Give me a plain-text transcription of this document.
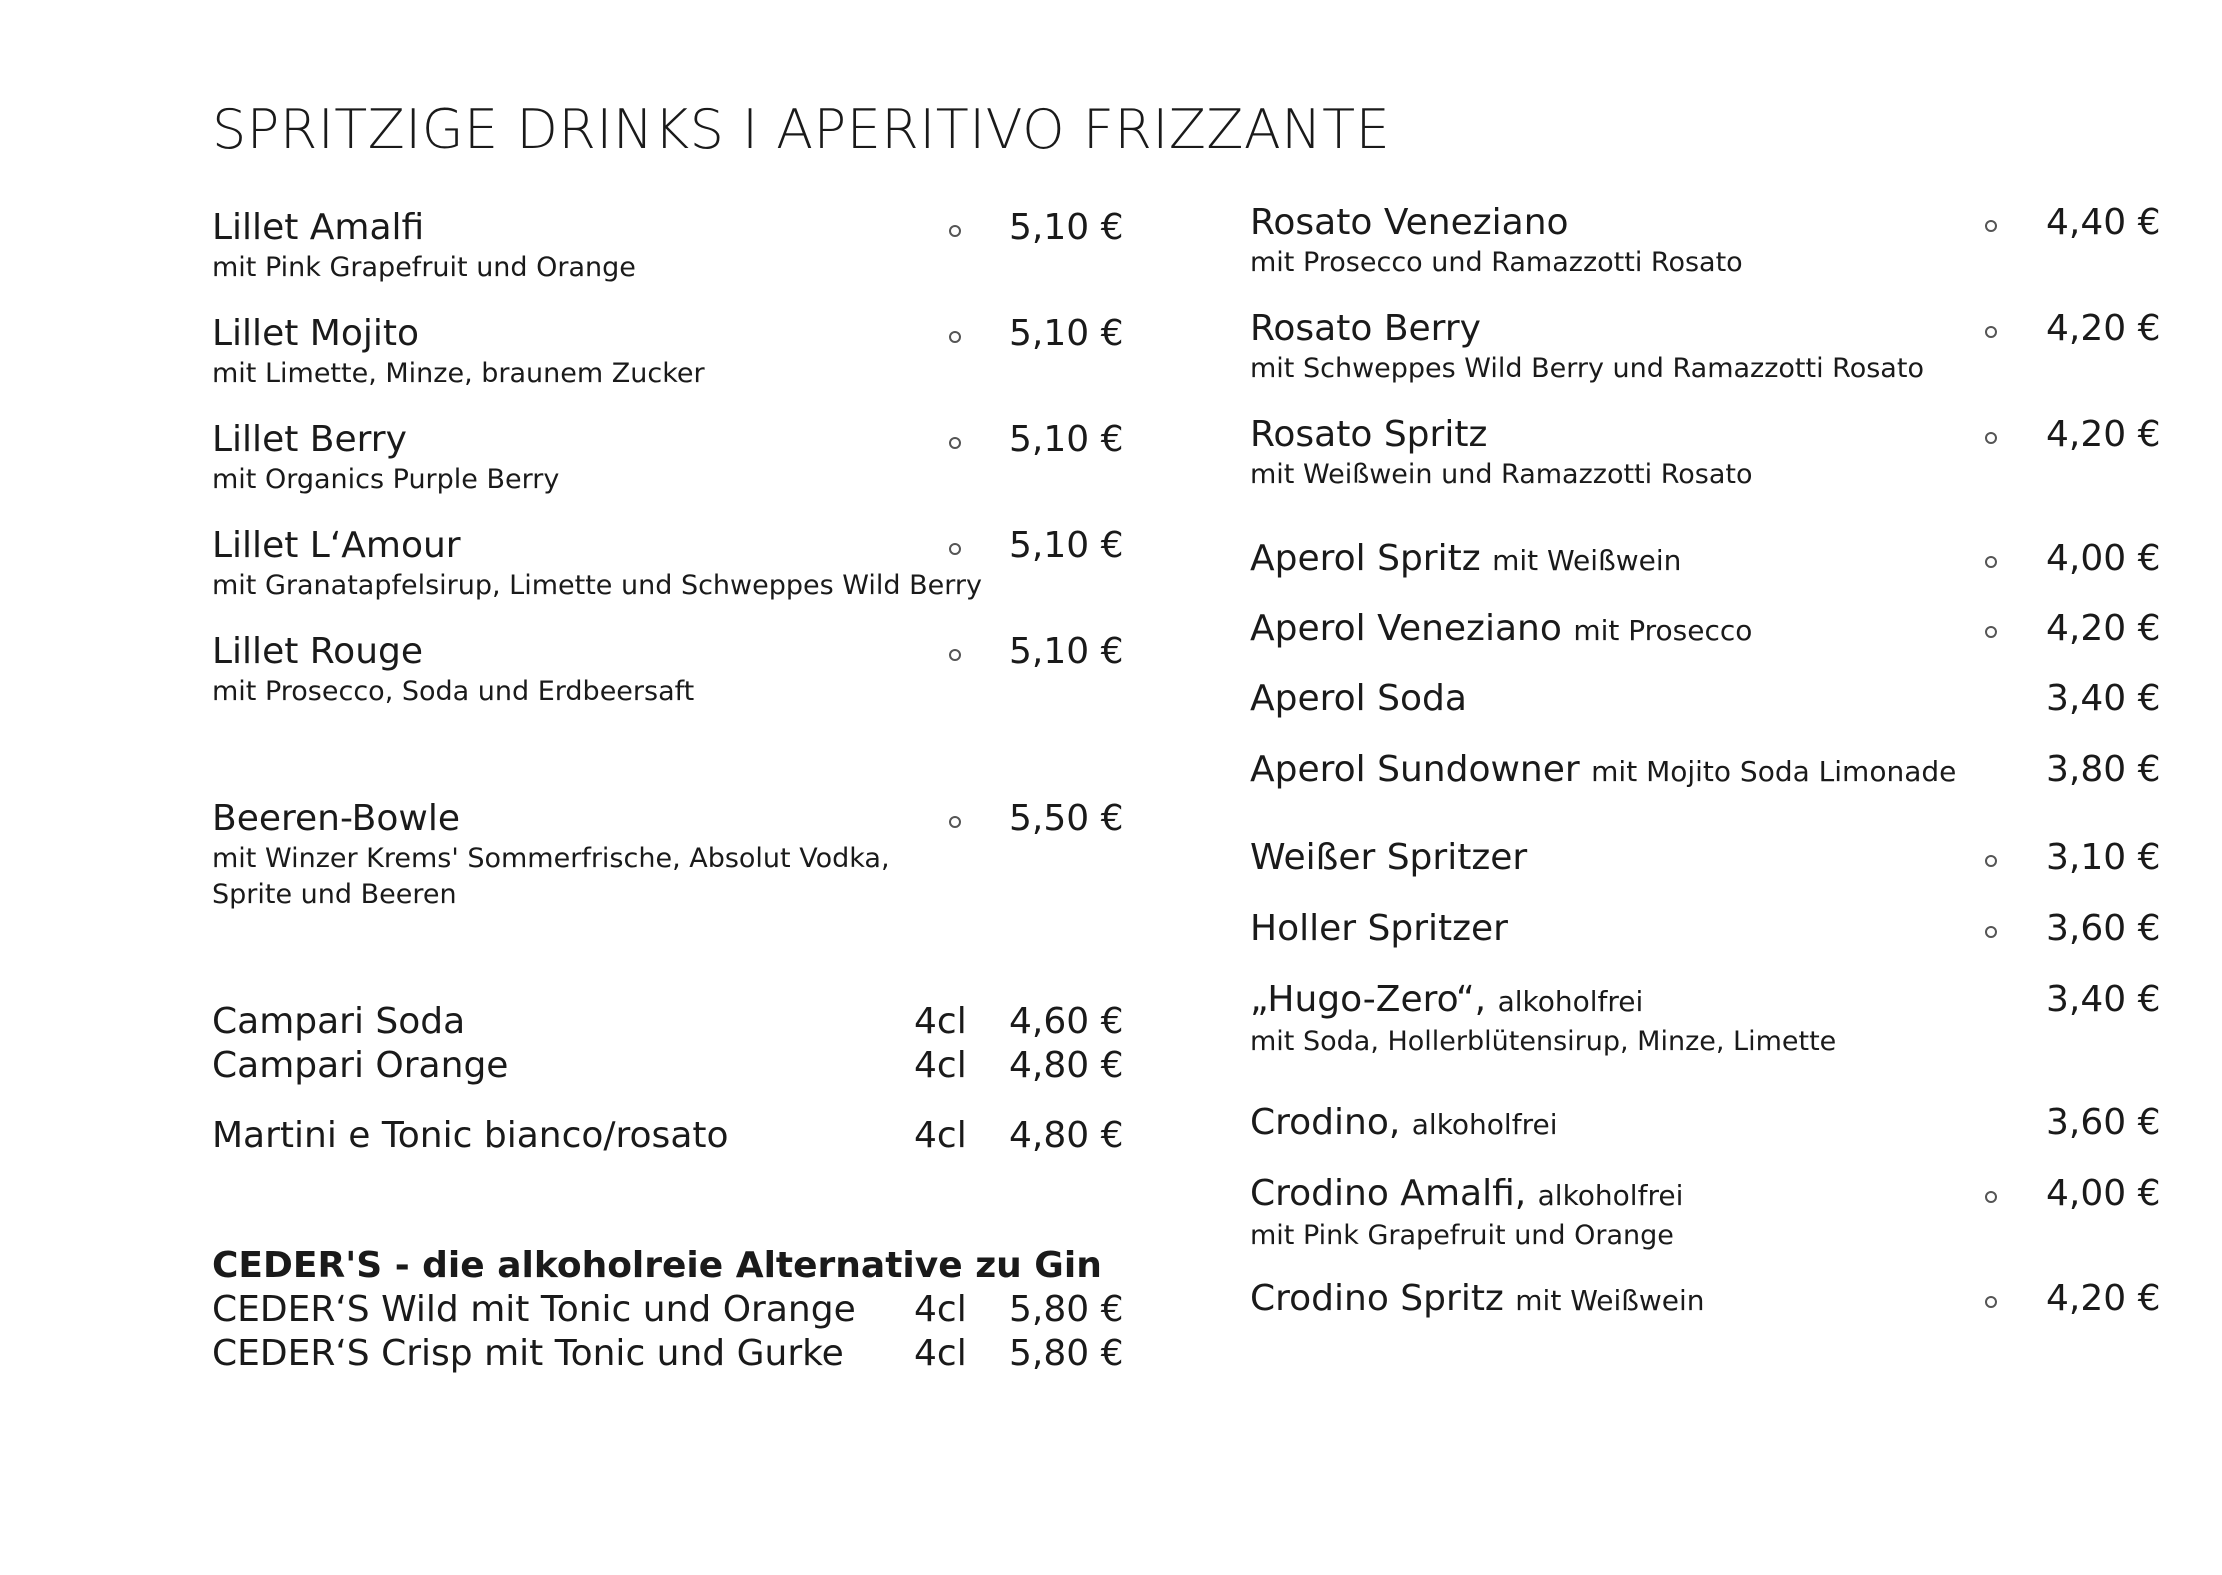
SPRITZIGE DRINKS I APERITIVO FRIZZANTE
Lillet Amalfi
mit Pink Grapefruit und Orange
5,10 €
Lillet Mojito
mit Limette, Minze, braunem Zucker
5,10 €
Lillet Berry
mit Organics Purple Berry
5,10 €
Lillet L‘Amour
mit Granatapfelsirup, Limette und Schweppes Wild Berry
5,10 €
Lillet Rouge
mit Prosecco, Soda und Erdbeersaft
5,10 €
Beeren-Bowle
mit Winzer Krems' Sommerfrische, Absolut Vodka,
Sprite und Beeren
5,50 €
Campari Soda	4cl 4,60 €
Campari Orange	4cl 4,80 €
Martini e Tonic bianco/rosato	4cl 4,80 €
CEDER'S - die alkoholreie Alternative zu Gin
CEDER‘S Wild mit Tonic und Orange 4cl 5,80 €
CEDER‘S Crisp mit Tonic und Gurke 4cl 5,80 €
Rosato Veneziano
mit Prosecco und Ramazzotti Rosato
4,40 €
Rosato Berry
mit Schweppes Wild Berry und Ramazzotti Rosato
4,20 €
Rosato Spritz
mit Weißwein und Ramazzotti Rosato
4,20 €
Aperol Spritz mit Weißwein	4,00 €
Aperol Veneziano mit Prosecco	4,20 €
Aperol Soda	3,40 €
Aperol Sundowner mit Mojito Soda Limonade 3,80 €
Weißer Spritzer	3,10 €
Holler Spritzer	3,60 €
„Hugo-Zero“, alkoholfrei
mit Soda, Hollerblütensirup, Minze, Limette
3,40 €
Crodino, alkoholfrei	3,60 €
Crodino Amalfi, alkoholfrei
mit Pink Grapefruit und Orange
4,00 €
Crodino Spritz mit Weißwein	4,20 €
